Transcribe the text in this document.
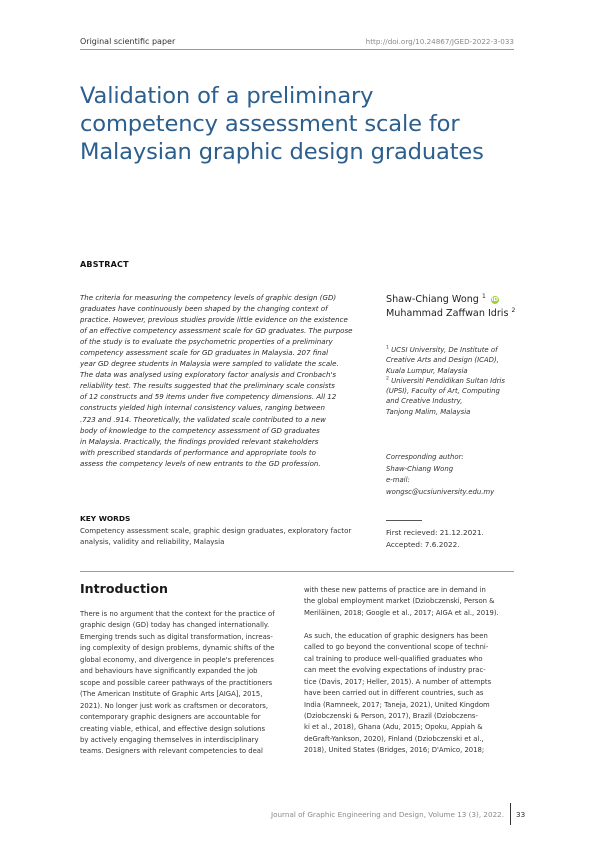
Original scientific paper	http://doi.org/10.24867/JGED-2022-3-033
Validation of a preliminary
competency assessment scale for
Malaysian graphic design graduates
ABSTRACT
The criteria for measuring the competency levels of graphic design (GD)
graduates have continuously been shaped by the changing context of
practice. However, previous studies provide little evidence on the existence
of an effective competency assessment scale for GD graduates. The purpose
of the study is to evaluate the psychometric properties of a preliminary
competency assessment scale for GD graduates in Malaysia. 207 final
year GD degree students in Malaysia were sampled to validate the scale.
The data was analysed using exploratory factor analysis and Cronbach's
reliability test. The results suggested that the preliminary scale consists
of 12 constructs and 59 items under five competency dimensions. All 12
constructs yielded high internal consistency values, ranging between
.723 and .914. Theoretically, the validated scale contributed to a new
body of knowledge to the competency assessment of GD graduates
in Malaysia. Practically, the findings provided relevant stakeholders
with prescribed standards of performance and appropriate tools to
assess the competency levels of new entrants to the GD profession.
Shaw-Chiang Wong $^1$ iD
Muhammad Zaffwan Idris $^2$
$^1$ UCSI University, De Institute of
Creative Arts and Design (ICAD),
Kuala Lumpur, Malaysia
$^2$ Universiti Pendidikan Sultan Idris
(UPSI), Faculty of Art, Computing
and Creative Industry,
Tanjong Malim, Malaysia
Corresponding author:
Shaw-Chiang Wong
e-mail:
wongsc@ucsiuniversity.edu.my
KEY WORDS
Competency assessment scale, graphic design graduates, exploratory factor
analysis, validity and reliability, Malaysia
First recieved: 21.12.2021.
Accepted: 7.6.2022.
Introduction
There is no argument that the context for the practice of
graphic design (GD) today has changed internationally.
Emerging trends such as digital transformation, increas-
ing complexity of design problems, dynamic shifts of the
global economy, and divergence in people's preferences
and behaviours have significantly expanded the job
scope and possible career pathways of the practitioners
(The American Institute of Graphic Arts [AIGA], 2015,
2021). No longer just work as craftsmen or decorators,
contemporary graphic designers are accountable for
creating viable, ethical, and effective design solutions
by actively engaging themselves in interdisciplinary
teams. Designers with relevant competencies to deal
with these new patterns of practice are in demand in
the global employment market (Dziobczenski, Person &
Meriläinen, 2018; Google et al., 2017; AIGA et al., 2019).
As such, the education of graphic designers has been
called to go beyond the conventional scope of techni-
cal training to produce well-qualified graduates who
can meet the evolving expectations of industry prac-
tice (Davis, 2017; Heller, 2015). A number of attempts
have been carried out in different countries, such as
India (Ramneek, 2017; Taneja, 2021), United Kingdom
(Dziobczenski & Person, 2017), Brazil (Dziobczens-
ki et al., 2018), Ghana (Adu, 2015; Opoku, Appiah &
deGraft-Yankson, 2020), Finland (Dziobczenski et al.,
2018), United States (Bridges, 2016; D'Amico, 2018;
Journal of Graphic Engineering and Design, Volume 13 (3), 2022. 33
